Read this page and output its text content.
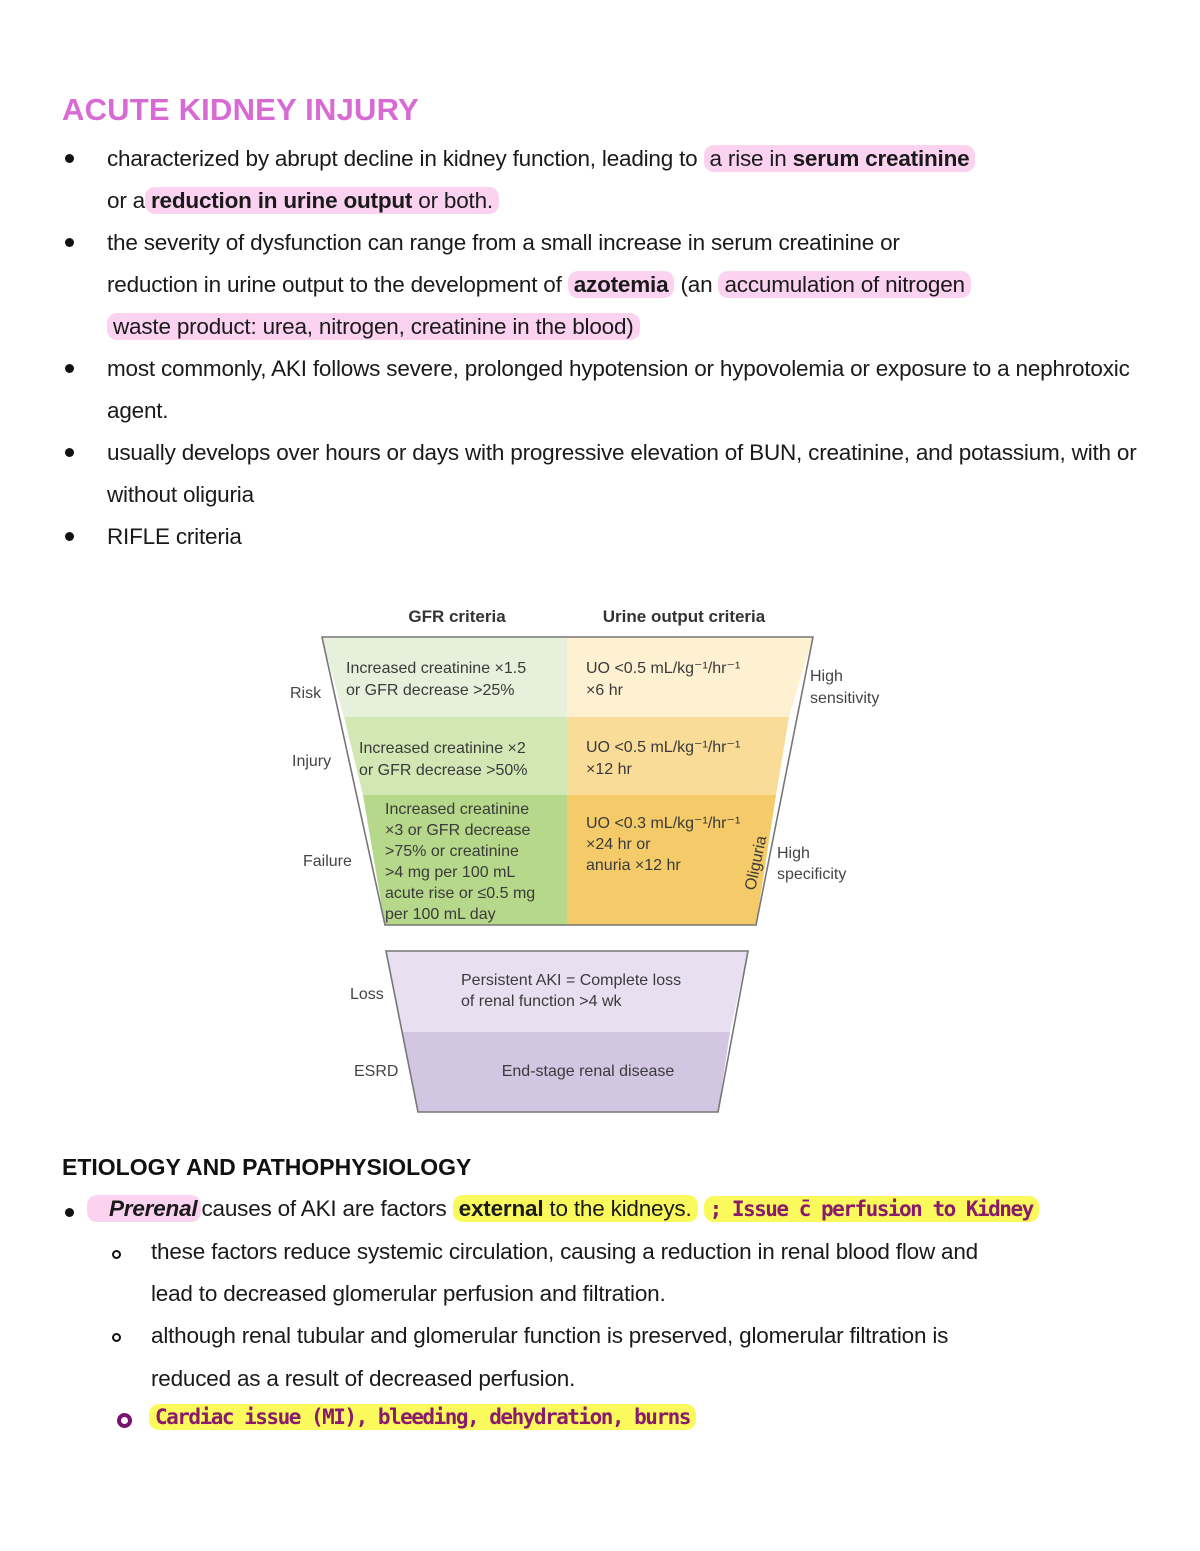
ACUTE KIDNEY INJURY
characterized by abrupt decline in kidney function, leading to a rise in serum creatinine
or a reduction in urine output or both.
the severity of dysfunction can range from a small increase in serum creatinine or
reduction in urine output to the development of azotemia (an accumulation of nitrogen
waste product: urea, nitrogen, creatinine in the blood)
most commonly, AKI follows severe, prolonged hypotension or hypovolemia or exposure to a nephrotoxic agent.
usually develops over hours or days with progressive elevation of BUN, creatinine, and potassium, with or without oliguria
RIFLE criteria
GFR criteria	Urine output criteria
Risk
Injury
Failure
Loss
ESRD
Increased creatinine ×1.5 or GFR decrease >25%
Increased creatinine ×2 or GFR decrease >50%
Increased creatinine ×3 or GFR decrease >75% or creatinine >4 mg per 100 mL acute rise or ≤0.5 mg per 100 mL day
UO <0.5 mL/kg⁻¹/hr⁻¹ ×6 hr
UO <0.5 mL/kg⁻¹/hr⁻¹ ×12 hr
UO <0.3 mL/kg⁻¹/hr⁻¹ ×24 hr or anuria ×12 hr	Oliguria
High sensitivity
High specificity
Persistent AKI = Complete loss of renal function >4 wk
End-stage renal disease
ETIOLOGY AND PATHOPHYSIOLOGY
Prerenal causes of AKI are factors external to the kidneys. ; Issue c̄ perfusion to Kidney
these factors reduce systemic circulation, causing a reduction in renal blood flow and
lead to decreased glomerular perfusion and filtration.
although renal tubular and glomerular function is preserved, glomerular filtration is
reduced as a result of decreased perfusion.
Cardiac issue (MI), bleeding, dehydration, burns
